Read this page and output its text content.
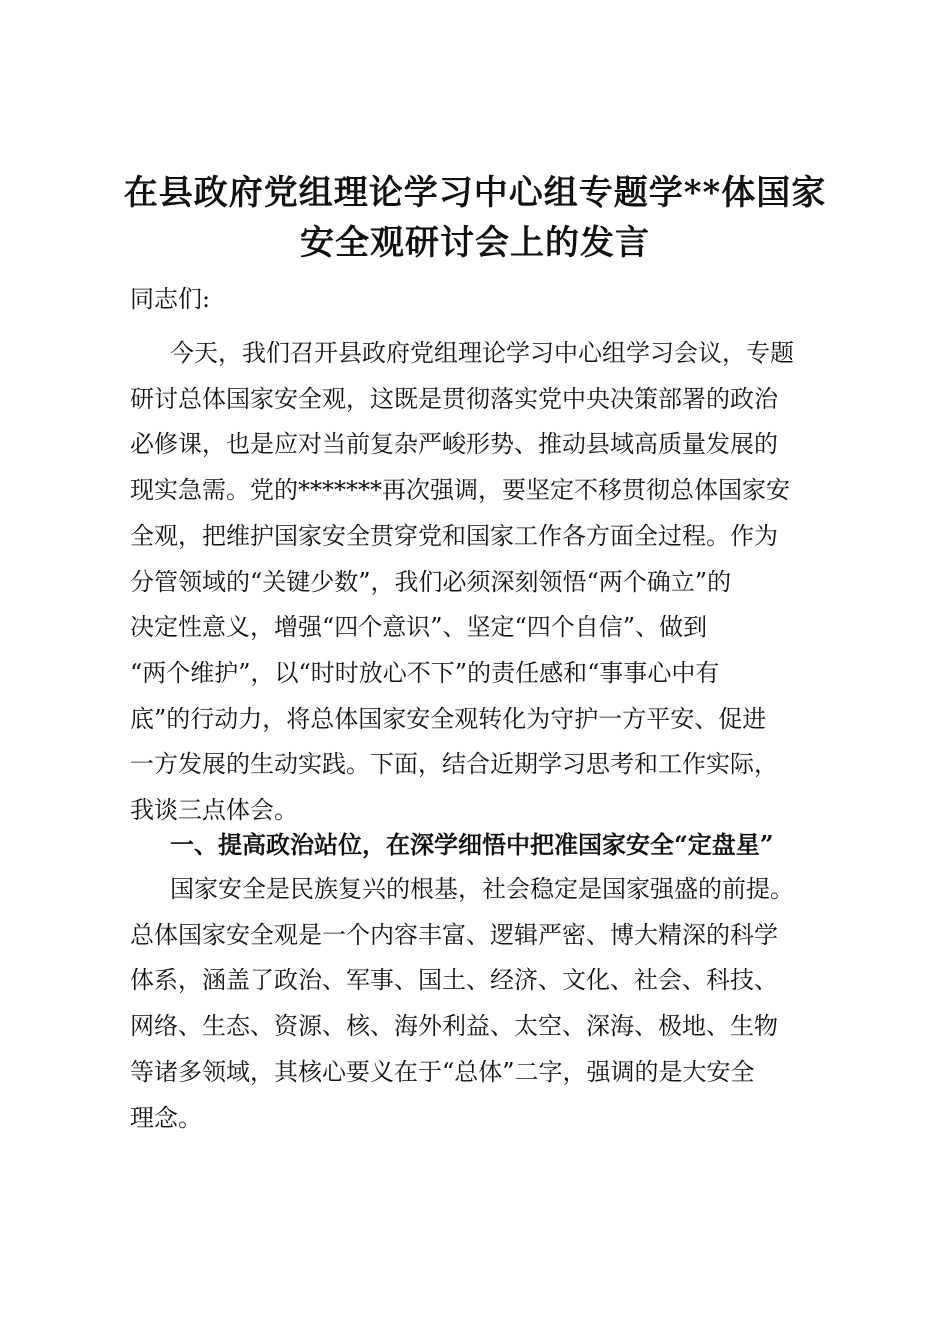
在县政府党组理论学习中心组专题学**体国家
安全观研讨会上的发言

同志们:

今天，我们召开县政府党组理论学习中心组学习会议，专题
研讨总体国家安全观，这既是贯彻落实党中央决策部署的政治
必修课，也是应对当前复杂严峻形势、推动县域高质量发展的
现实急需。党的*******再次强调，要坚定不移贯彻总体国家安
全观，把维护国家安全贯穿党和国家工作各方面全过程。作为
分管领域的“关键少数”，我们必须深刻领悟“两个确立”的
决定性意义，增强“四个意识”、坚定“四个自信”、做到
“两个维护”，以“时时放心不下”的责任感和“事事心中有
底”的行动力，将总体国家安全观转化为守护一方平安、促进
一方发展的生动实践。下面，结合近期学习思考和工作实际，
我谈三点体会。
一、提高政治站位，在深学细悟中把准国家安全“定盘星”
国家安全是民族复兴的根基，社会稳定是国家强盛的前提。
总体国家安全观是一个内容丰富、逻辑严密、博大精深的科学
体系，涵盖了政治、军事、国土、经济、文化、社会、科技、
网络、生态、资源、核、海外利益、太空、深海、极地、生物
等诸多领域，其核心要义在于“总体”二字，强调的是大安全
理念。
